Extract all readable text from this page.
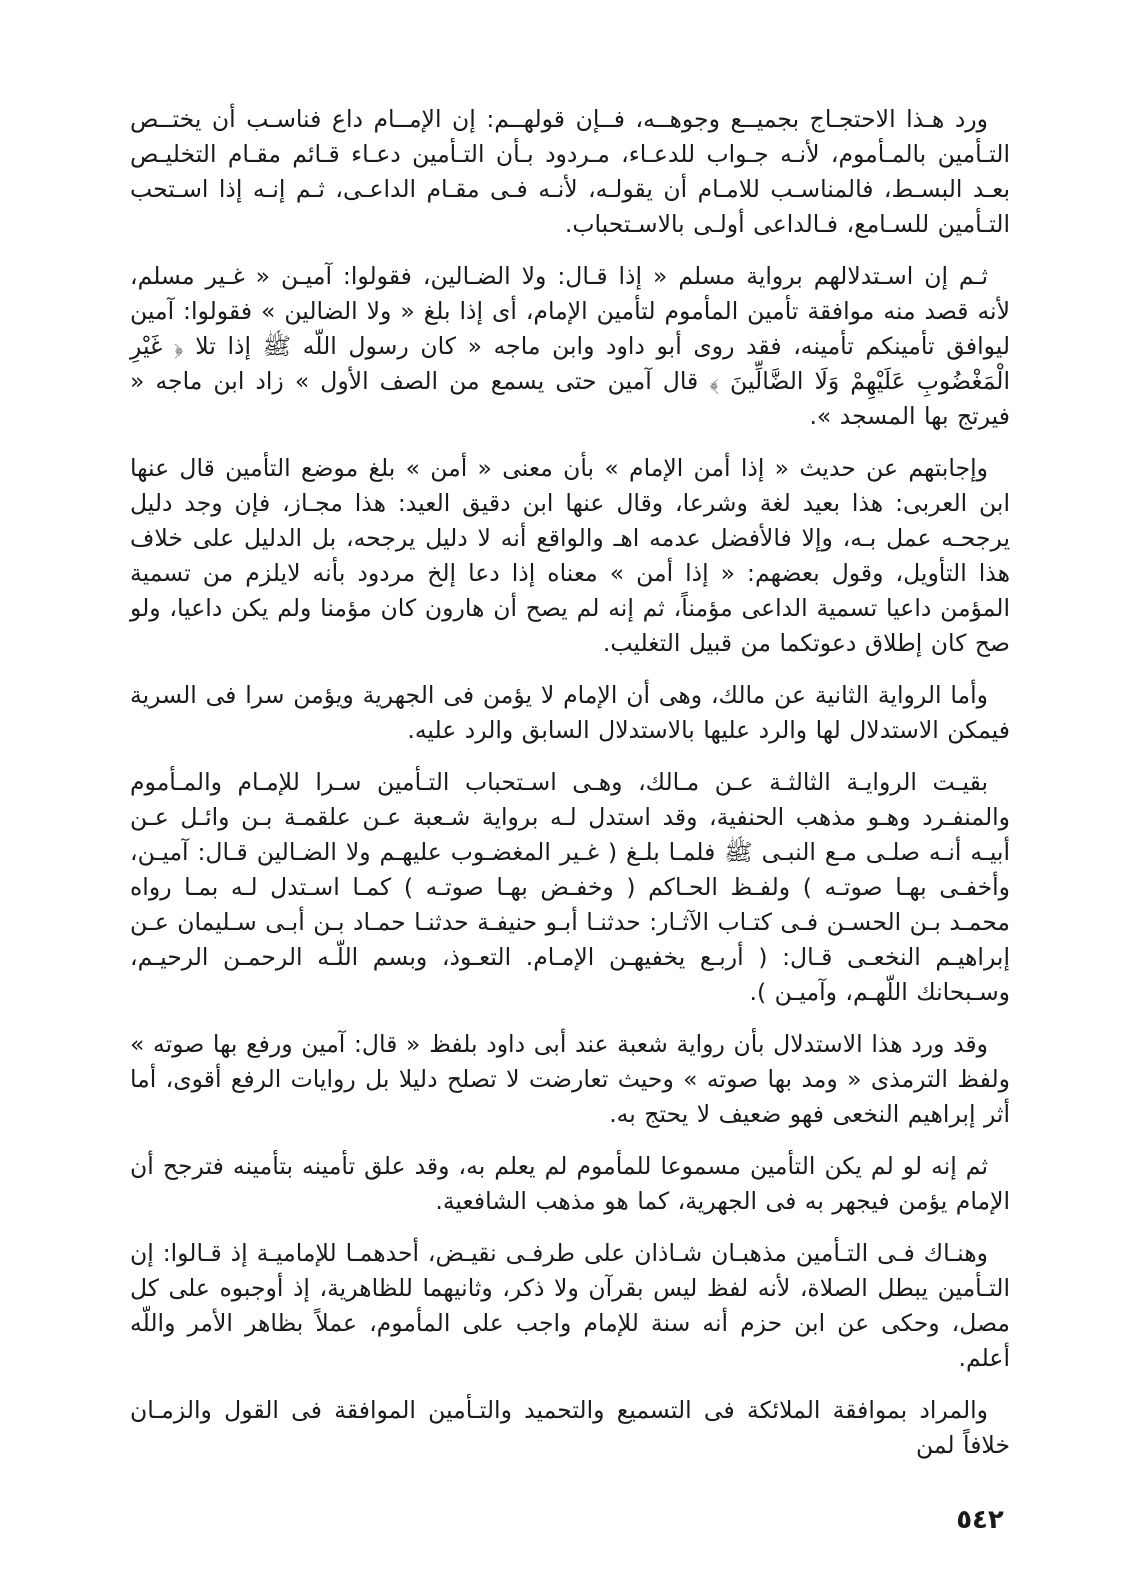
ورد هـذا الاحتجـاج بجميــع وجوهــه، فــإن قولهــم: إن الإمــام داع فناسـب أن يختــص التـأمين بالمـأموم، لأنـه جـواب للدعـاء، مـردود بـأن التـأمين دعـاء قـائم مقـام التخليـص بعـد البسـط، فالمناسـب للامـام أن يقولـه، لأنـه فـى مقـام الداعـى، ثـم إنـه إذا اسـتحب التـأمين للسـامع، فـالداعى أولـى بالاسـتحباب.

ثـم إن اسـتدلالهم برواية مسلم « إذا قـال: ولا الضـالين، فقولوا: آميـن « غـير مسلم، لأنه قصد منه موافقة تأمين المأموم لتأمين الإمام، أى إذا بلغ « ولا الضالين » فقولوا: آمين ليوافق تأمينكم تأمينه، فقد روى أبو داود وابن ماجه « كان رسول اللّه ﷺ إذا تلا ﴿ غَيْرِ الْمَغْضُوبِ عَلَيْهِمْ وَلَا الضَّالِّينَ ﴾ قال آمين حتى يسمع من الصف الأول » زاد ابن ماجه « فيرتج بها المسجد ».

وإجابتهم عن حديث « إذا أمن الإمام » بأن معنى « أمن » بلغ موضع التأمين قال عنها ابن العربى: هذا بعيد لغة وشرعا، وقال عنها ابن دقيق العيد: هذا مجـاز، فإن وجد دليل يرجحـه عمل بـه، وإلا فالأفضل عدمه اهـ والواقع أنه لا دليل يرجحه، بل الدليل على خلاف هذا التأويل، وقول بعضهم: « إذا أمن » معناه إذا دعا إلخ مردود بأنه لايلزم من تسمية المؤمن داعيا تسمية الداعى مؤمناً، ثم إنه لم يصح أن هارون كان مؤمنا ولم يكن داعيا، ولو صح كان إطلاق دعوتكما من قبيل التغليب.

وأما الرواية الثانية عن مالك، وهى أن الإمام لا يؤمن فى الجهرية ويؤمن سرا فى السرية فيمكن الاستدلال لها والرد عليها بالاستدلال السابق والرد عليه.

بقيـت الروايـة الثالثـة عـن مـالك، وهـى اسـتحباب التـأمين سـرا للإمـام والمـأموم والمنفـرد وهـو مذهب الحنفية، وقد استدل لـه برواية شـعبة عـن علقمـة بـن وائـل عـن أبيـه أنـه صلـى مـع النبـى ﷺ فلمـا بلـغ ( غـير المغضـوب عليهـم ولا الضـالين قـال: آميـن، وأخفـى بهـا صوتـه ) ولفـظ الحـاكم ( وخفـض بهـا صوتـه ) كمـا اسـتدل لـه بمـا رواه محمـد بـن الحسـن فـى كتـاب الآثـار: حدثنـا أبـو حنيفـة حدثنـا حمـاد بـن أبـى سـليمان عـن إبراهيـم النخعـى قـال: ( أربـع يخفيهـن الإمـام. التعـوذ، وبسم اللّـه الرحمـن الرحيـم، وسـبحانك اللّهـم، وآميـن ).

وقد ورد هذا الاستدلال بأن رواية شعبة عند أبى داود بلفظ « قال: آمين ورفع بها صوته » ولفظ الترمذى « ومد بها صوته » وحيث تعارضت لا تصلح دليلا بل روايات الرفع أقوى، أما أثر إبراهيم النخعى فهو ضعيف لا يحتج به.

ثم إنه لو لم يكن التأمين مسموعا للمأموم لم يعلم به، وقد علق تأمينه بتأمينه فترجح أن الإمام يؤمن فيجهر به فى الجهرية، كما هو مذهب الشافعية.

وهنـاك فـى التـأمين مذهبـان شـاذان على طرفـى نقيـض، أحدهمـا للإماميـة إذ قـالوا: إن التـأمين يبطل الصلاة، لأنه لفظ ليس بقرآن ولا ذكر، وثانيهما للظاهرية، إذ أوجبوه على كل مصل، وحكى عن ابن حزم أنه سنة للإمام واجب على المأموم، عملاً بظاهر الأمر واللّه أعلم.

والمراد بموافقة الملائكة فى التسميع والتحميد والتـأمين الموافقة فى القول والزمـان خلافاً لمن

٥٤٢
